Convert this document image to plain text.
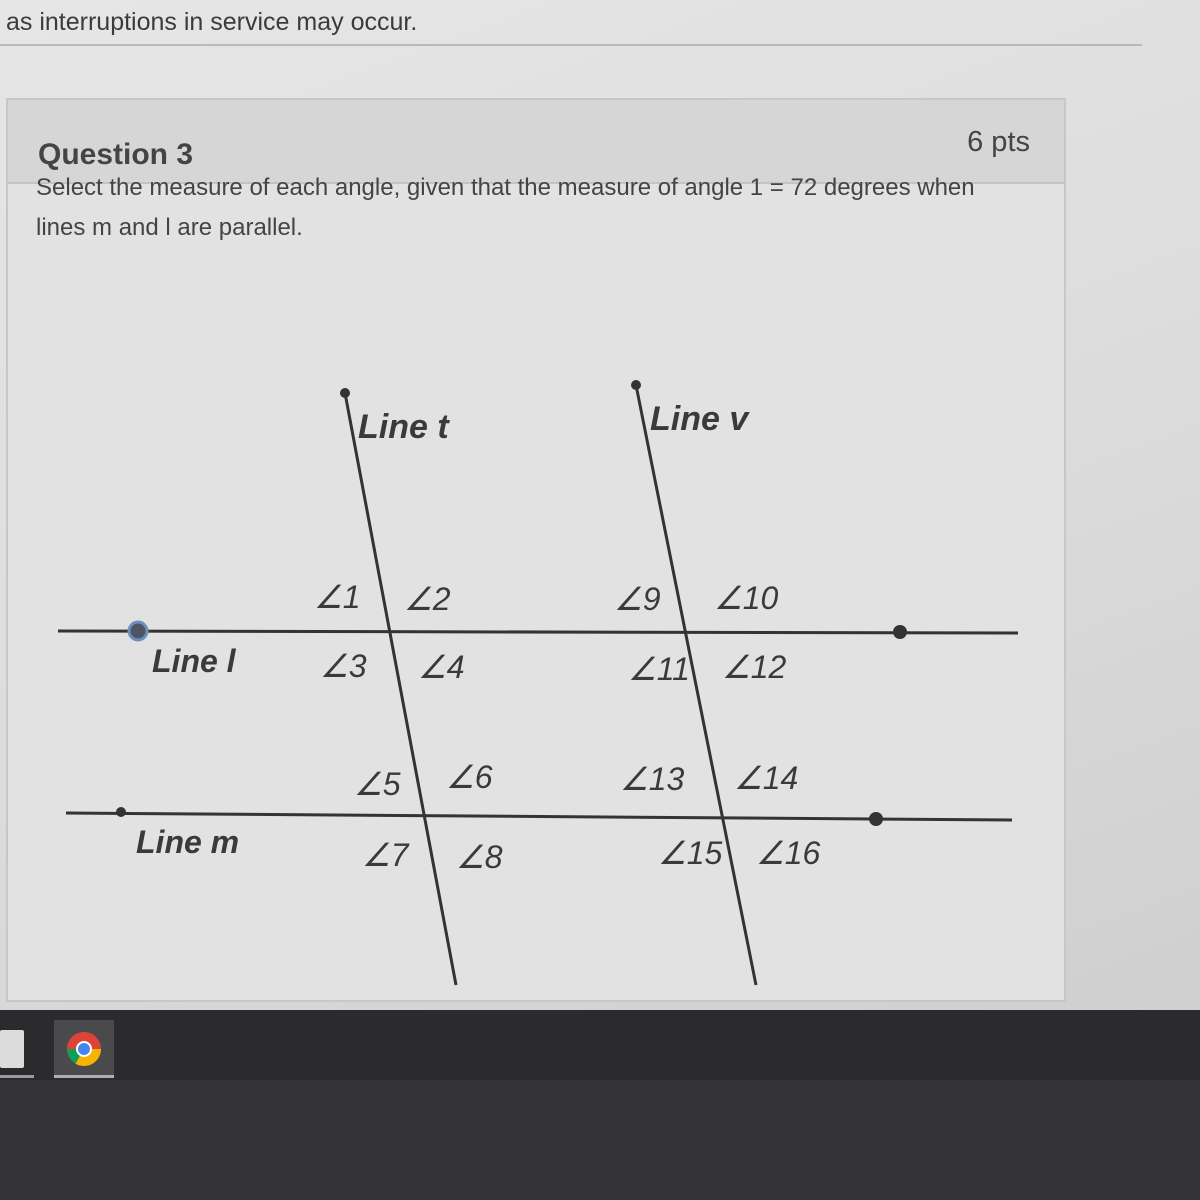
as interruptions in service may occur.
Question 3	6 pts
Select the measure of each angle, given that the measure of angle 1 = 72 degrees when lines m and l are parallel.
Line t	Line v
Line l
Line m
∠1 ∠2
∠3 ∠4
∠5 ∠6
∠7 ∠8
∠9 ∠10
∠11 ∠12
∠13 ∠14
∠15 ∠16
